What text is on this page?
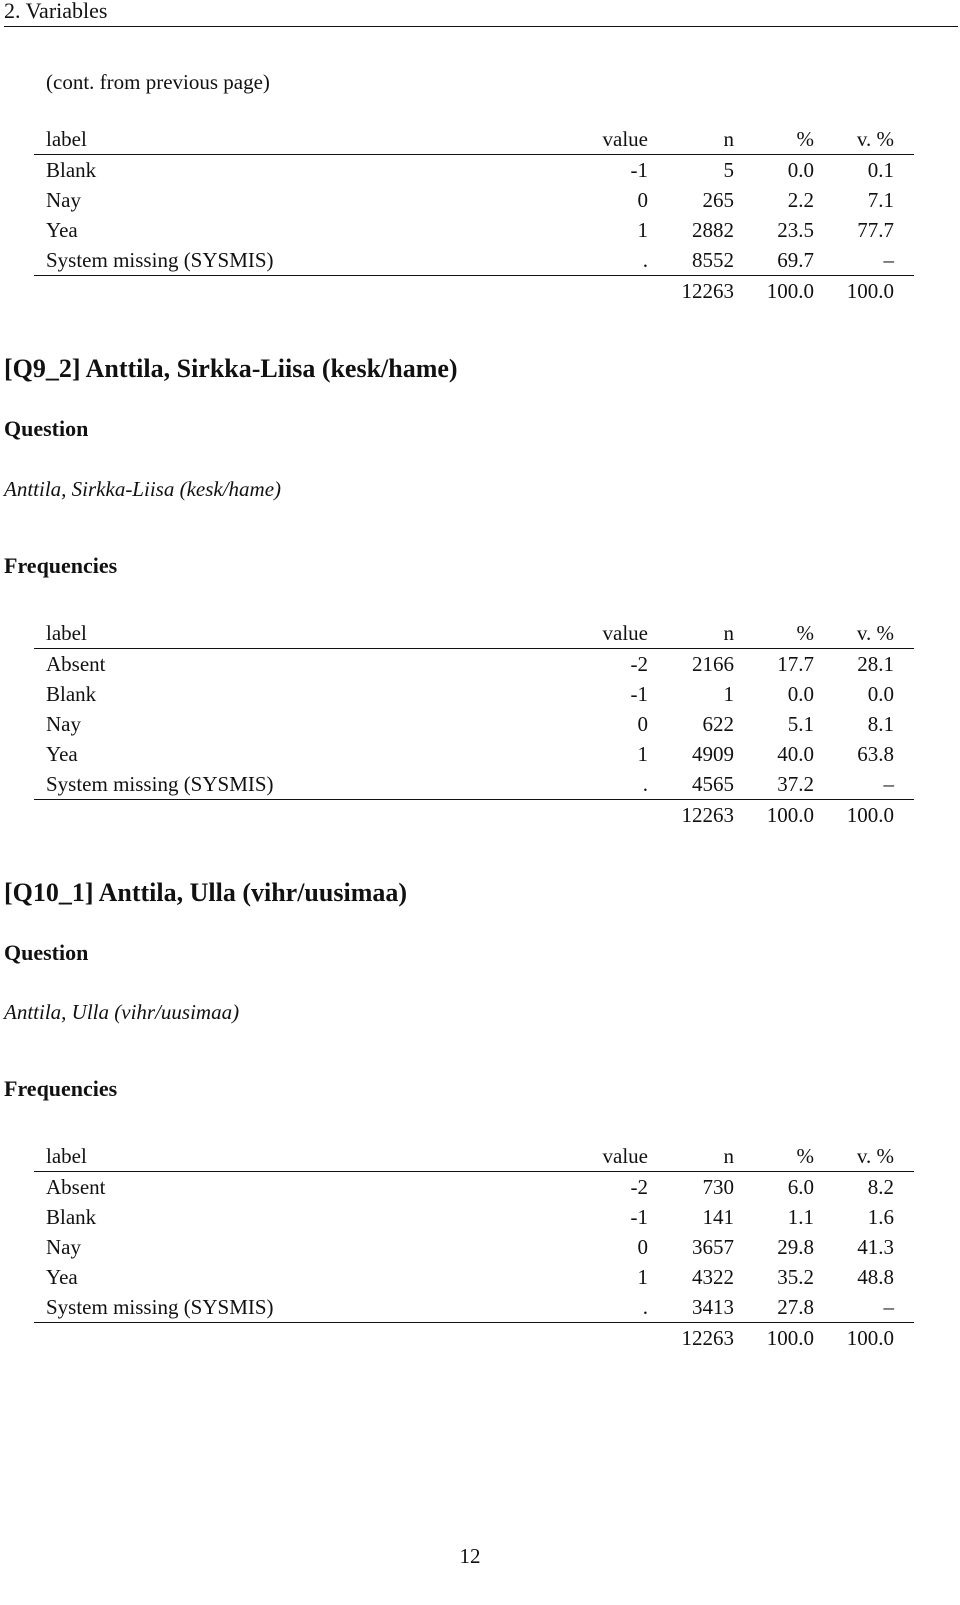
2. Variables
(cont. from previous page)
label	value	n	%	v. %
Blank	-1	5	0.0	0.1
Nay	0	265	2.2	7.1
Yea	1	2882	23.5	77.7
System missing (SYSMIS)	.	8552	69.7	–
		12263	100.0	100.0
[Q9_2] Anttila, Sirkka-Liisa (kesk/hame)
Question
Anttila, Sirkka-Liisa (kesk/hame)
Frequencies
label	value	n	%	v. %
Absent	-2	2166	17.7	28.1
Blank	-1	1	0.0	0.0
Nay	0	622	5.1	8.1
Yea	1	4909	40.0	63.8
System missing (SYSMIS)	.	4565	37.2	–
		12263	100.0	100.0
[Q10_1] Anttila, Ulla (vihr/uusimaa)
Question
Anttila, Ulla (vihr/uusimaa)
Frequencies
label	value	n	%	v. %
Absent	-2	730	6.0	8.2
Blank	-1	141	1.1	1.6
Nay	0	3657	29.8	41.3
Yea	1	4322	35.2	48.8
System missing (SYSMIS)	.	3413	27.8	–
		12263	100.0	100.0
12
